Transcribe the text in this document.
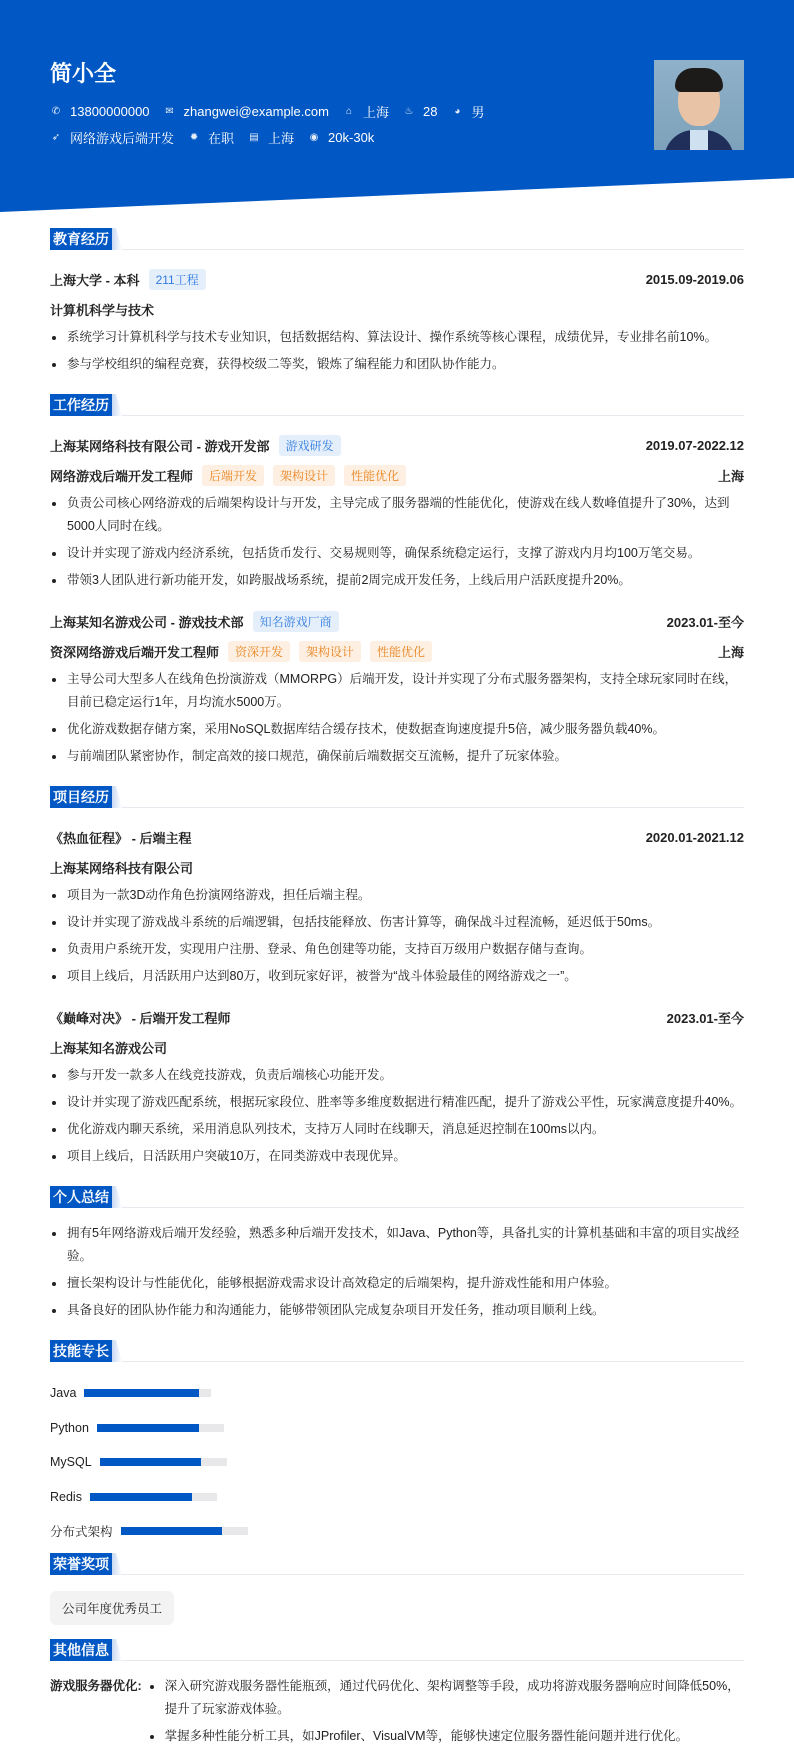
简小全
✆ 13800000000 ✉ zhangwei@example.com ⌂ 上海 ♨ 28 ◕ 男
➶ 网络游戏后端开发 ✹ 在职 ▤ 上海 ◉ 20k-30k
教育经历
上海大学 - 本科	211工程	2015.09-2019.06
计算机科学与技术
系统学习计算机科学与技术专业知识，包括数据结构、算法设计、操作系统等核心课程，成绩优异，专业排名前10%。
参与学校组织的编程竞赛，获得校级二等奖，锻炼了编程能力和团队协作能力。
工作经历
上海某网络科技有限公司 - 游戏开发部	游戏研发	2019.07-2022.12
网络游戏后端开发工程师	后端开发	架构设计	性能优化	上海
负责公司核心网络游戏的后端架构设计与开发，主导完成了服务器端的性能优化，使游戏在线人数峰值提升了30%，达到5000人同时在线。
设计并实现了游戏内经济系统，包括货币发行、交易规则等，确保系统稳定运行，支撑了游戏内月均100万笔交易。
带领3人团队进行新功能开发，如跨服战场系统，提前2周完成开发任务，上线后用户活跃度提升20%。
上海某知名游戏公司 - 游戏技术部	知名游戏厂商	2023.01-至今
资深网络游戏后端开发工程师	资深开发	架构设计	性能优化	上海
主导公司大型多人在线角色扮演游戏（MMORPG）后端开发，设计并实现了分布式服务器架构，支持全球玩家同时在线，目前已稳定运行1年，月均流水5000万。
优化游戏数据存储方案，采用NoSQL数据库结合缓存技术，使数据查询速度提升5倍，减少服务器负载40%。
与前端团队紧密协作，制定高效的接口规范，确保前后端数据交互流畅，提升了玩家体验。
项目经历
《热血征程》 - 后端主程	2020.01-2021.12
上海某网络科技有限公司
项目为一款3D动作角色扮演网络游戏，担任后端主程。
设计并实现了游戏战斗系统的后端逻辑，包括技能释放、伤害计算等，确保战斗过程流畅，延迟低于50ms。
负责用户系统开发，实现用户注册、登录、角色创建等功能，支持百万级用户数据存储与查询。
项目上线后，月活跃用户达到80万，收到玩家好评，被誉为“战斗体验最佳的网络游戏之一”。
《巅峰对决》 - 后端开发工程师	2023.01-至今
上海某知名游戏公司
参与开发一款多人在线竞技游戏，负责后端核心功能开发。
设计并实现了游戏匹配系统，根据玩家段位、胜率等多维度数据进行精准匹配，提升了游戏公平性，玩家满意度提升40%。
优化游戏内聊天系统，采用消息队列技术，支持万人同时在线聊天，消息延迟控制在100ms以内。
项目上线后，日活跃用户突破10万，在同类游戏中表现优异。
个人总结
拥有5年网络游戏后端开发经验，熟悉多种后端开发技术，如Java、Python等，具备扎实的计算机基础和丰富的项目实战经验。
擅长架构设计与性能优化，能够根据游戏需求设计高效稳定的后端架构，提升游戏性能和用户体验。
具备良好的团队协作能力和沟通能力，能够带领团队完成复杂项目开发任务，推动项目顺利上线。
技能专长
Java
Python
MySQL
Redis
分布式架构
荣誉奖项
公司年度优秀员工
其他信息
游戏服务器优化:	深入研究游戏服务器性能瓶颈，通过代码优化、架构调整等手段，成功将游戏服务器响应时间降低50%，提升了玩家游戏体验。
掌握多种性能分析工具，如JProfiler、VisualVM等，能够快速定位服务器性能问题并进行优化。
